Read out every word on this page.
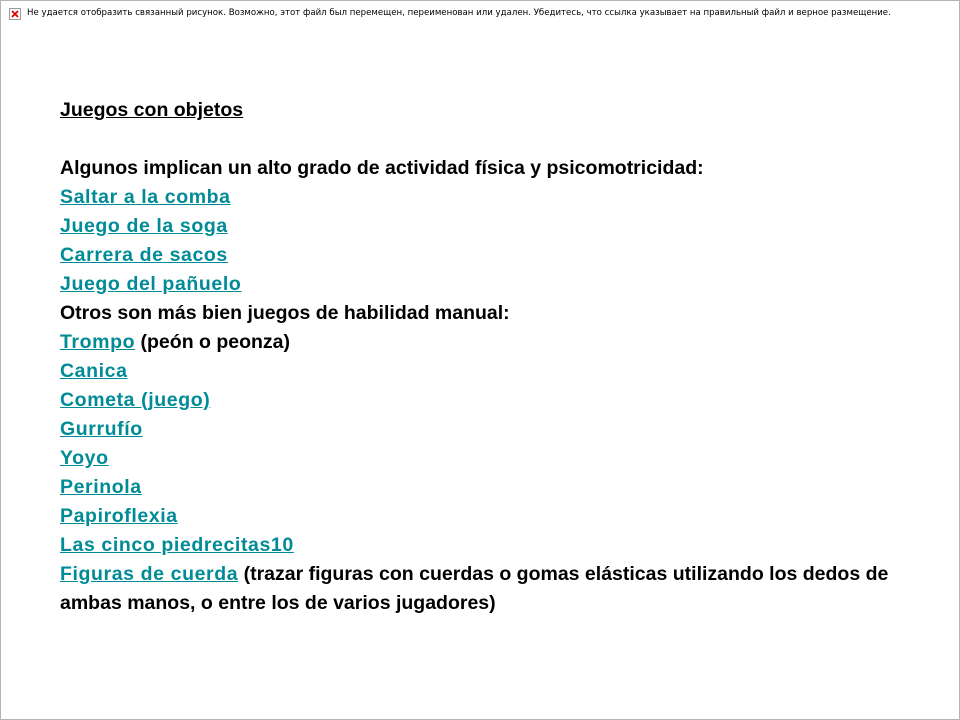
Не удается отобразить связанный рисунок. Возможно, этот файл был перемещен, переименован или удален. Убедитесь, что ссылка указывает на правильный файл и верное размещение.
Juegos con objetos
Algunos implican un alto grado de actividad física y psicomotricidad:
Saltar a la comba
Juego de la soga
Carrera de sacos
Juego del pañuelo
Otros son más bien juegos de habilidad manual:
Trompo (peón o peonza)
Canica
Cometa (juego)
Gurrufío
Yoyo
Perinola
Papiroflexia
Las cinco piedrecitas10
Figuras de cuerda (trazar figuras con cuerdas o gomas elásticas utilizando los dedos de ambas manos, o entre los de varios jugadores)
